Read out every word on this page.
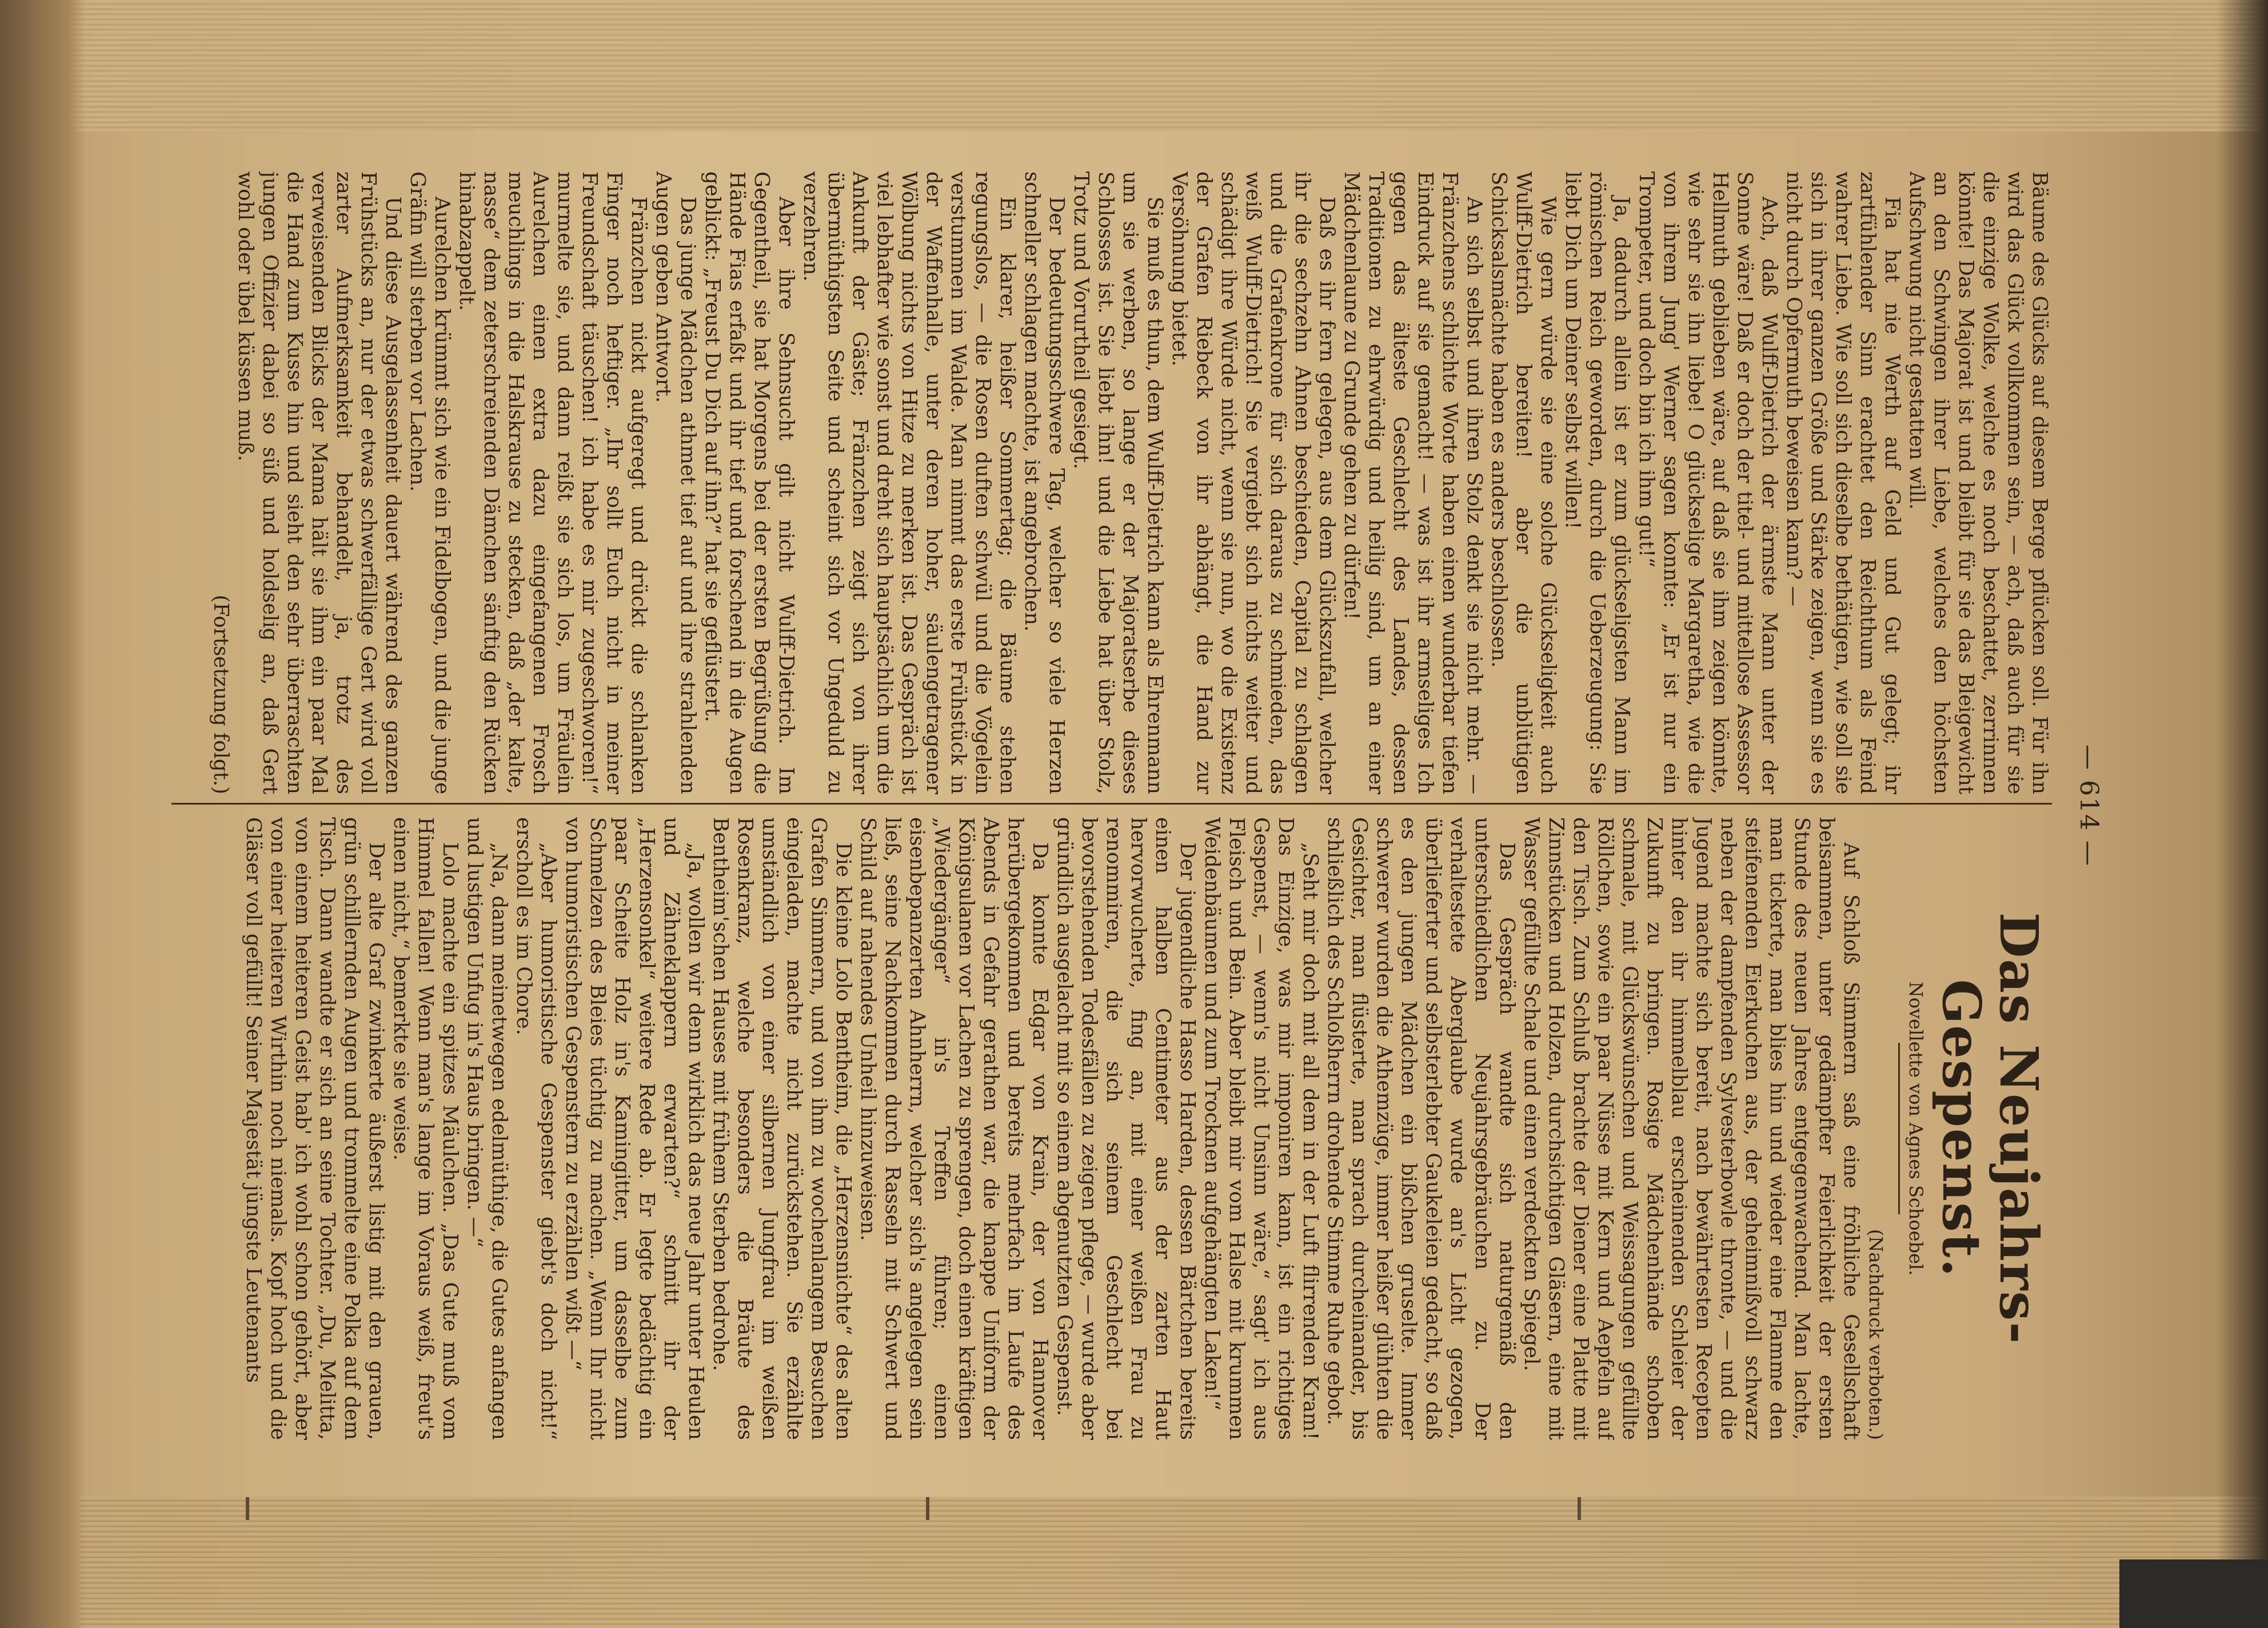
— 614 —

Bäume des Glücks auf diesem Berge pflücken soll. Für ihn wird das Glück vollkommen sein, — ach, daß auch für sie die einzige Wolke, welche es noch beschattet, zerrinnen könnte! Das Majorat ist und bleibt für sie das Bleigewicht an den Schwingen ihrer Liebe, welches den höchsten Aufschwung nicht gestatten will.

Fia hat nie Werth auf Geld und Gut gelegt; ihr zartfühlender Sinn erachtet den Reichthum als Feind wahrer Liebe. Wie soll sich dieselbe bethätigen, wie soll sie sich in ihrer ganzen Größe und Stärke zeigen, wenn sie es nicht durch Opfermuth beweisen kann? —

Ach, daß Wulff-Dietrich der ärmste Mann unter der Sonne wäre! Daß er doch der titel- und mittellose Assessor Hellmuth geblieben wäre, auf daß sie ihm zeigen könnte, wie sehr sie ihn liebe! O glückselige Margaretha, wie die von ihrem Jung' Werner sagen konnte: „Er ist nur ein Trompeter, und doch bin ich ihm gut!“

Ja, dadurch allein ist er zum glückseligsten Mann im römischen Reich geworden, durch die Ueberzeugung: Sie liebt Dich um Deiner selbst willen!

Wie gern würde sie eine solche Glückseligkeit auch Wulff-Dietrich bereiten! aber die unblütigen Schicksalsmächte haben es anders beschlossen.

An sich selbst und ihren Stolz denkt sie nicht mehr. — Fränzchens schlichte Worte haben einen wunderbar tiefen Eindruck auf sie gemacht! — was ist ihr armseliges Ich gegen das älteste Geschlecht des Landes, dessen Traditionen zu ehrwürdig und heilig sind, um an einer Mädchenlaune zu Grunde gehen zu dürfen!

Daß es ihr fern gelegen, aus dem Glückszufall, welcher ihr die sechzehn Ahnen beschieden, Capital zu schlagen und die Grafenkrone für sich daraus zu schmieden, das weiß Wulff-Dietrich! Sie vergiebt sich nichts weiter und schädigt ihre Würde nicht, wenn sie nun, wo die Existenz der Grafen Riebeck von ihr abhängt, die Hand zur Versöhnung bietet.

Sie muß es thun, dem Wulff-Dietrich kann als Ehrenmann um sie werben, so lange er der Majoratserbe dieses Schlosses ist. Sie liebt ihn! und die Liebe hat über Stolz, Trotz und Vorurtheil gesiegt.

Der bedeutungsschwere Tag, welcher so viele Herzen schneller schlagen machte, ist angebrochen.

Ein klarer, heißer Sommertag; die Bäume stehen regungslos, — die Rosen duften schwül und die Vögelein verstummen im Walde. Man nimmt das erste Frühstück in der Waffenhalle, unter deren hoher, säulengetragener Wölbung nichts von Hitze zu merken ist. Das Gespräch ist viel lebhafter wie sonst und dreht sich hauptsächlich um die Ankunft der Gäste; Fränzchen zeigt sich von ihrer übermüthigsten Seite und scheint sich vor Ungeduld zu verzehren.

Aber ihre Sehnsucht gilt nicht Wulff-Dietrich. Im Gegentheil, sie hat Morgens bei der ersten Begrüßung die Hände Fias erfaßt und ihr tief und forschend in die Augen geblickt: „Freust Du Dich auf ihn?“ hat sie geflüstert.

Das junge Mädchen athmet tief auf und ihre strahlenden Augen geben Antwort.

Fränzchen nickt aufgeregt und drückt die schlanken Finger noch heftiger. „Ihr sollt Euch nicht in meiner Freundschaft täuschen! ich habe es mir zugeschworen!“ murmelte sie, und dann reißt sie sich los, um Fräulein Aurelchen einen extra dazu eingefangenen Frosch meuchlings in die Halskrause zu stecken, daß „der kalte, nasse“ dem zeterschreienden Dämchen sänftig den Rücken hinabzappelt.

Aurelchen krümmt sich wie ein Fidelbogen, und die junge Gräfin will sterben vor Lachen.

Und diese Ausgelassenheit dauert während des ganzen Frühstücks an, nur der etwas schwerfällige Gert wird voll zarter Aufmerksamkeit behandelt, ja, trotz des verweisenden Blicks der Mama hält sie ihm ein paar Mal die Hand zum Kusse hin und sieht den sehr überraschten jungen Offizier dabei so süß und holdselig an, daß Gert wohl oder übel küssen muß.

(Fortsetzung folgt.)

Das Neujahrs-Gespenst.
Novellette von Agnes Schoebel.
(Nachdruck verboten.)

Auf Schloß Simmern saß eine fröhliche Gesellschaft beisammen, unter gedämpfter Feierlichkeit der ersten Stunde des neuen Jahres entgegenwachend. Man lachte, man tickerte, man blies hin und wieder eine Flamme den steifenenden Eierkuchen aus, der geheimnißvoll schwarz neben der dampfenden Sylvesterbowle thronte, — und die Jugend machte sich bereit, nach bewährtesten Recepten hinter den ihr himmelblau erscheinenden Schleier der Zukunft zu bringen. Rosige Mädchenhände schoben schmale, mit Glückswünschen und Weissagungen gefüllte Röllchen, sowie ein paar Nüsse mit Kern und Aepfeln auf den Tisch. Zum Schluß brachte der Diener eine Platte mit Zinnstücken und Holzen, durchsichtigen Gläsern, eine mit Wasser gefüllte Schale und einen verdeckten Spiegel.

Das Gespräch wandte sich naturgemäß den unterschiedlichen Neujahrsgebräuchen zu. Der verhaltestete Aberglaube wurde an's Licht gezogen, überlieferter und selbsterlebter Gaukeleien gedacht, so daß es den jungen Mädchen ein bißchen gruselte. Immer schwerer wurden die Athemzüge, immer heißer glühten die Gesichter, man flüsterte, man sprach durcheinander, bis schließlich des Schloßherrn drohende Stimme Ruhe gebot.

„Seht mir doch mit all dem in der Luft flirrenden Kram! Das Einzige, was mir imponiren kann, ist ein richtiges Gespenst, — wenn's nicht Unsinn wäre,“ sagt' ich aus Fleisch und Bein. Aber bleibt mir vom Halse mit krummen Weidenbäumen und zum Trocknen aufgehängten Laken!“

Der jugendliche Hasso Harden, dessen Bärtchen bereits einen halben Centimeter aus der zarten Haut hervorwucherte, fing an, mit einer weißen Frau zu renommiren, die sich seinem Geschlecht bei bevorstehenden Todesfällen zu zeigen pflege, — wurde aber gründlich ausgelacht mit so einem abgenutzten Gespenst.

Da konnte Edgar von Krain, der von Hannover herübergekommen und bereits mehrfach im Laufe des Abends in Gefahr gerathen war, die knappe Uniform der Königsulanen vor Lachen zu sprengen, doch einen kräftigen „Wiedergänger“ in's Treffen führen; einen eisenbepanzerten Ahnherrn, welcher sich's angelegen sein ließ, seine Nachkommen durch Rasseln mit Schwert und Schild auf nahendes Unheil hinzuweisen.

Die kleine Lolo Bentheim, die „Herzensnichte“ des alten Grafen Simmern, und von ihm zu wochenlangem Besuchen eingeladen, machte nicht zurückstehen. Sie erzählte umständlich von einer silbernen Jungfrau im weißen Rosenkranz, welche besonders die Bräute des Bentheim'schen Hauses mit frühem Sterben bedrohe.

„Ja, wollen wir denn wirklich das neue Jahr unter Heulen und Zähneklappern erwarten?“ schnitt ihr der „Herzensonkel“ weitere Rede ab. Er legte bedächtig ein paar Scheite Holz in's Kamingitter, um dasselbe zum Schmelzen des Bleies tüchtig zu machen. „Wenn Ihr nicht von humoristischen Gespenstern zu erzählen wißt —“

„Aber humoristische Gespenster giebt's doch nicht!“ erscholl es im Chore.

„Na, dann meinetwegen edelmüthige, die Gutes anfangen und lustigen Unfug in's Haus bringen. —“

Lolo machte ein spitzes Mäulchen. „Das Gute muß vom Himmel fallen! Wenn man's lange im Voraus weiß, freut's einen nicht,“ bemerkte sie weise.

Der alte Graf zwinkerte äußerst listig mit den grauen, grün schillernden Augen und trommelte eine Polka auf dem Tisch. Dann wandte er sich an seine Tochter. „Du, Melitta, von einem heiteren Geist hab' ich wohl schon gehört, aber von einer heiteren Wirthin noch niemals. Kopf hoch und die Gläser voll gefüllt! Seiner Majestät jüngste Leutenants
